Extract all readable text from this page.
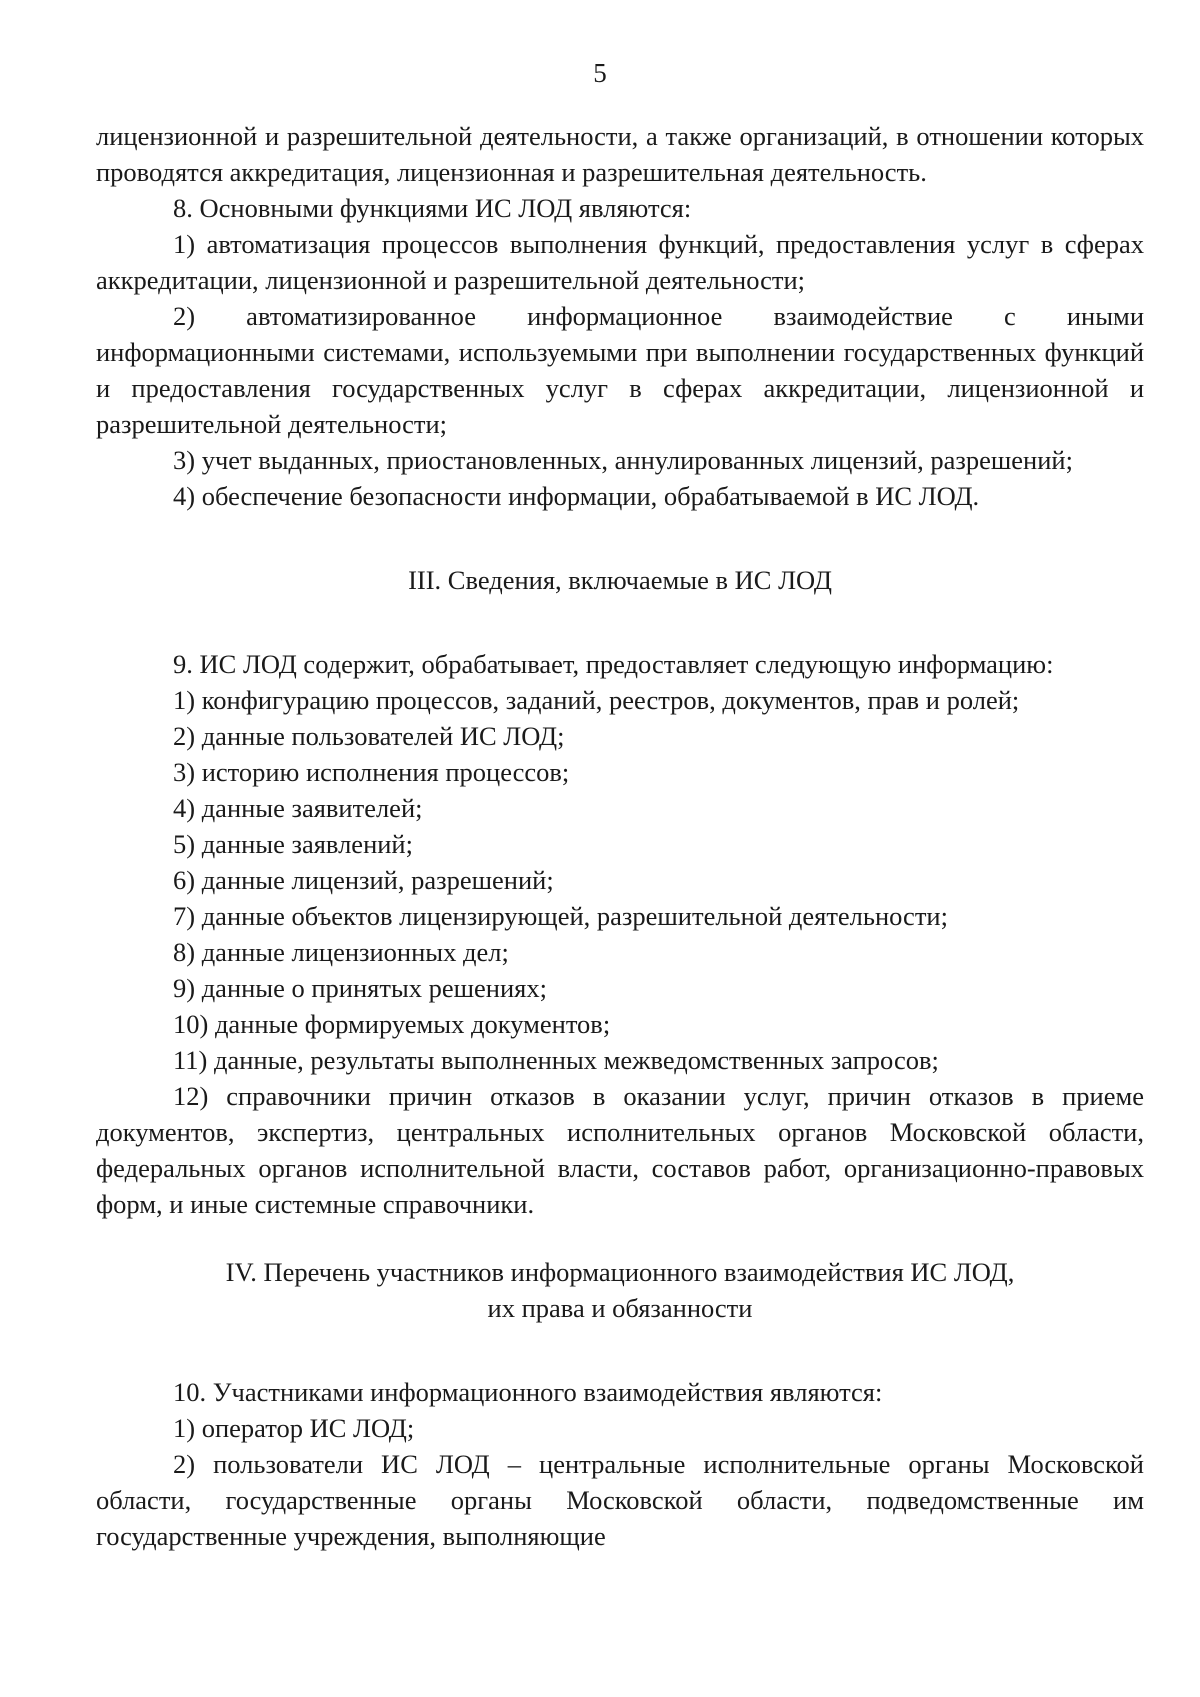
5

лицензионной и разрешительной деятельности, а также организаций, в отношении которых проводятся аккредитация, лицензионная и разрешительная деятельность.

8. Основными функциями ИС ЛОД являются:

1) автоматизация процессов выполнения функций, предоставления услуг в сферах аккредитации, лицензионной и разрешительной деятельности;

2) автоматизированное информационное взаимодействие с иными информационными системами, используемыми при выполнении государственных функций и предоставления государственных услуг в сферах аккредитации, лицензионной и разрешительной деятельности;

3) учет выданных, приостановленных, аннулированных лицензий, разрешений;

4) обеспечение безопасности информации, обрабатываемой в ИС ЛОД.

III. Сведения, включаемые в ИС ЛОД

9. ИС ЛОД содержит, обрабатывает, предоставляет следующую информацию:

1) конфигурацию процессов, заданий, реестров, документов, прав и ролей;

2) данные пользователей ИС ЛОД;

3) историю исполнения процессов;

4) данные заявителей;

5) данные заявлений;

6) данные лицензий, разрешений;

7) данные объектов лицензирующей, разрешительной деятельности;

8) данные лицензионных дел;

9) данные о принятых решениях;

10) данные формируемых документов;

11) данные, результаты выполненных межведомственных запросов;

12) справочники причин отказов в оказании услуг, причин отказов в приеме документов, экспертиз, центральных исполнительных органов Московской области, федеральных органов исполнительной власти, составов работ, организационно-правовых форм, и иные системные справочники.

IV. Перечень участников информационного взаимодействия ИС ЛОД,

их права и обязанности

10. Участниками информационного взаимодействия являются:

1) оператор ИС ЛОД;

2) пользователи ИС ЛОД – центральные исполнительные органы Московской области, государственные органы Московской области, подведомственные им государственные учреждения, выполняющие
